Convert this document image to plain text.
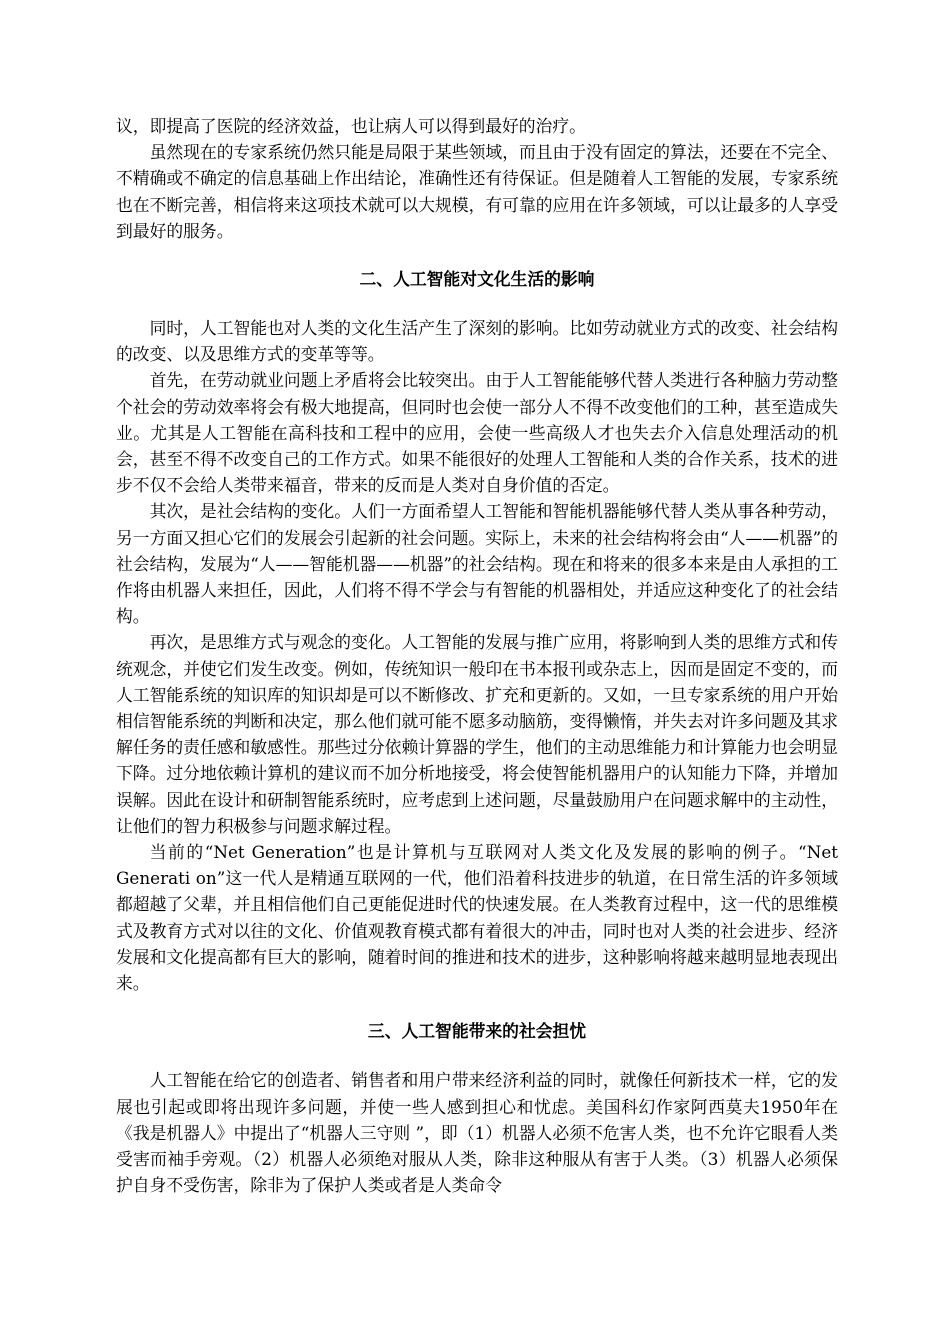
议，即提高了医院的经济效益，也让病人可以得到最好的治疗。

虽然现在的专家系统仍然只能是局限于某些领域，而且由于没有固定的算法，还要在不完全、不精确或不确定的信息基础上作出结论，准确性还有待保证。但是随着人工智能的发展，专家系统也在不断完善，相信将来这项技术就可以大规模，有可靠的应用在许多领域，可以让最多的人享受到最好的服务。

二、人工智能对文化生活的影响

同时，人工智能也对人类的文化生活产生了深刻的影响。比如劳动就业方式的改变、社会结构的改变、以及思维方式的变革等等。

首先，在劳动就业问题上矛盾将会比较突出。由于人工智能能够代替人类进行各种脑力劳动整个社会的劳动效率将会有极大地提高，但同时也会使一部分人不得不改变他们的工种，甚至造成失业。尤其是人工智能在高科技和工程中的应用，会使一些高级人才也失去介入信息处理活动的机会，甚至不得不改变自己的工作方式。如果不能很好的处理人工智能和人类的合作关系，技术的进步不仅不会给人类带来福音，带来的反而是人类对自身价值的否定。

其次，是社会结构的变化。人们一方面希望人工智能和智能机器能够代替人类从事各种劳动，另一方面又担心它们的发展会引起新的社会问题。实际上，未来的社会结构将会由“人——机器”的社会结构，发展为“人——智能机器——机器”的社会结构。现在和将来的很多本来是由人承担的工作将由机器人来担任，因此，人们将不得不学会与有智能的机器相处，并适应这种变化了的社会结构。

再次，是思维方式与观念的变化。人工智能的发展与推广应用，将影响到人类的思维方式和传统观念，并使它们发生改变。例如，传统知识一般印在书本报刊或杂志上，因而是固定不变的，而人工智能系统的知识库的知识却是可以不断修改、扩充和更新的。又如，一旦专家系统的用户开始相信智能系统的判断和决定，那么他们就可能不愿多动脑筋，变得懒惰，并失去对许多问题及其求解任务的责任感和敏感性。那些过分依赖计算器的学生，他们的主动思维能力和计算能力也会明显下降。过分地依赖计算机的建议而不加分析地接受，将会使智能机器用户的认知能力下降，并增加误解。因此在设计和研制智能系统时，应考虑到上述问题，尽量鼓励用户在问题求解中的主动性，让他们的智力积极参与问题求解过程。

当前的“Net Generation”也是计算机与互联网对人类文化及发展的影响的例子。“Net Generati on”这一代人是精通互联网的一代，他们沿着科技进步的轨道，在日常生活的许多领域都超越了父辈，并且相信他们自己更能促进时代的快速发展。在人类教育过程中，这一代的思维模式及教育方式对以往的文化、价值观教育模式都有着很大的冲击，同时也对人类的社会进步、经济发展和文化提高都有巨大的影响，随着时间的推进和技术的进步，这种影响将越来越明显地表现出来。

三、人工智能带来的社会担忧

人工智能在给它的创造者、销售者和用户带来经济利益的同时，就像任何新技术一样，它的发展也引起或即将出现许多问题，并使一些人感到担心和忧虑。美国科幻作家阿西莫夫1950年在《我是机器人》中提出了“机器人三守则 ”，即（1）机器人必须不危害人类，也不允许它眼看人类受害而袖手旁观。（2）机器人必须绝对服从人类，除非这种服从有害于人类。（3）机器人必须保护自身不受伤害，除非为了保护人类或者是人类命令
